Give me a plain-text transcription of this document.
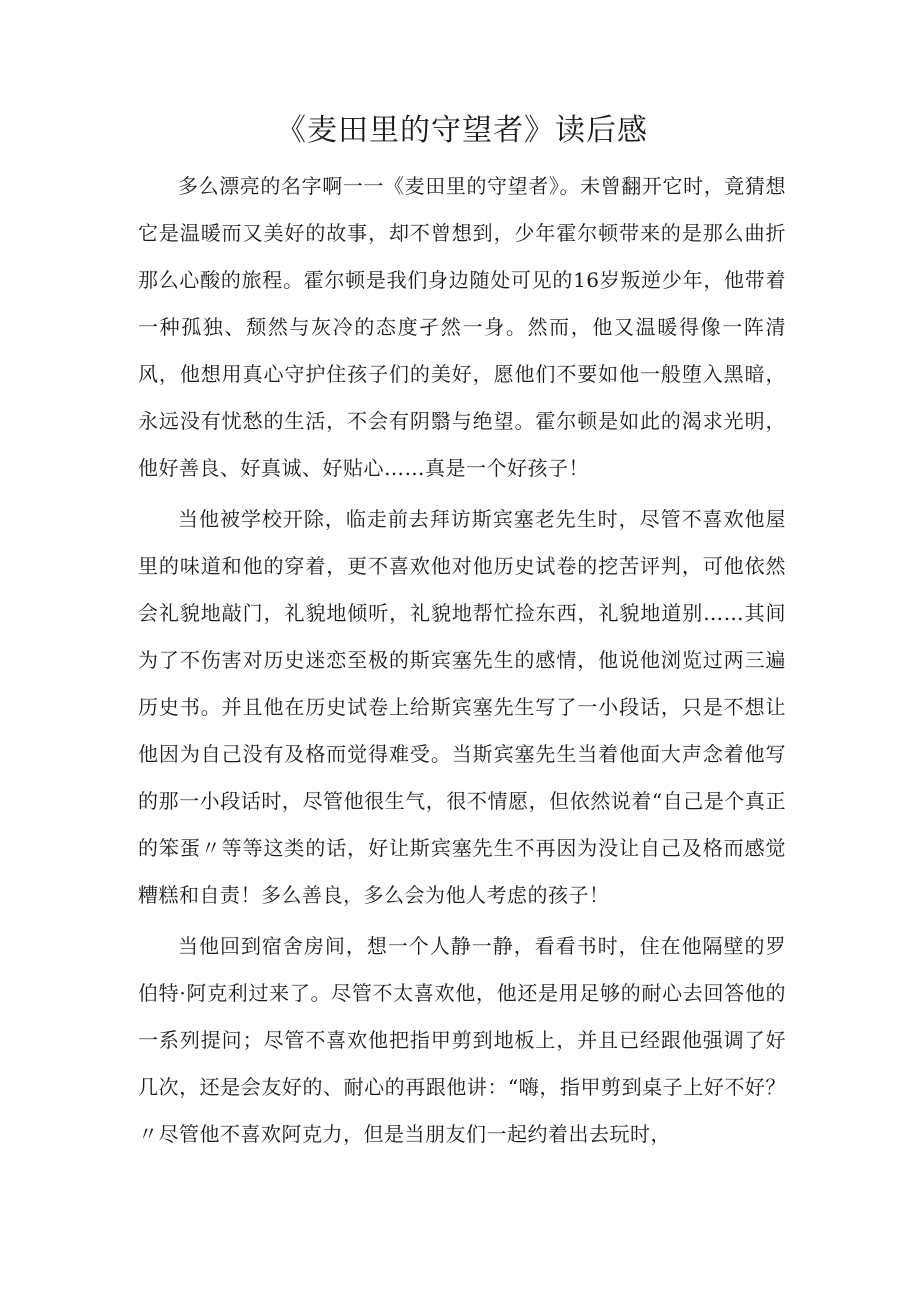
《麦田里的守望者》读后感

多么漂亮的名字啊一一《麦田里的守望者》。未曾翻开它时，竟猜想它是温暖而又美好的故事，却不曾想到，少年霍尔顿带来的是那么曲折那么心酸的旅程。霍尔顿是我们身边随处可见的16岁叛逆少年，他带着一种孤独、颓然与灰冷的态度孑然一身。然而，他又温暖得像一阵清风，他想用真心守护住孩子们的美好，愿他们不要如他一般堕入黑暗，永远没有忧愁的生活，不会有阴翳与绝望。霍尔顿是如此的渴求光明，他好善良、好真诚、好贴心……真是一个好孩子！

当他被学校开除，临走前去拜访斯宾塞老先生时，尽管不喜欢他屋里的味道和他的穿着，更不喜欢他对他历史试卷的挖苦评判，可他依然会礼貌地敲门，礼貌地倾听，礼貌地帮忙捡东西，礼貌地道别……其间为了不伤害对历史迷恋至极的斯宾塞先生的感情，他说他浏览过两三遍历史书。并且他在历史试卷上给斯宾塞先生写了一小段话，只是不想让他因为自己没有及格而觉得难受。当斯宾塞先生当着他面大声念着他写的那一小段话时，尽管他很生气，很不情愿，但依然说着“自己是个真正的笨蛋〃等等这类的话，好让斯宾塞先生不再因为没让自己及格而感觉糟糕和自责！多么善良，多么会为他人考虑的孩子！

当他回到宿舍房间，想一个人静一静，看看书时，住在他隔壁的罗伯特·阿克利过来了。尽管不太喜欢他，他还是用足够的耐心去回答他的一系列提问；尽管不喜欢他把指甲剪到地板上，并且已经跟他强调了好几次，还是会友好的、耐心的再跟他讲：“嗨，指甲剪到桌子上好不好？〃尽管他不喜欢阿克力，但是当朋友们一起约着出去玩时，
